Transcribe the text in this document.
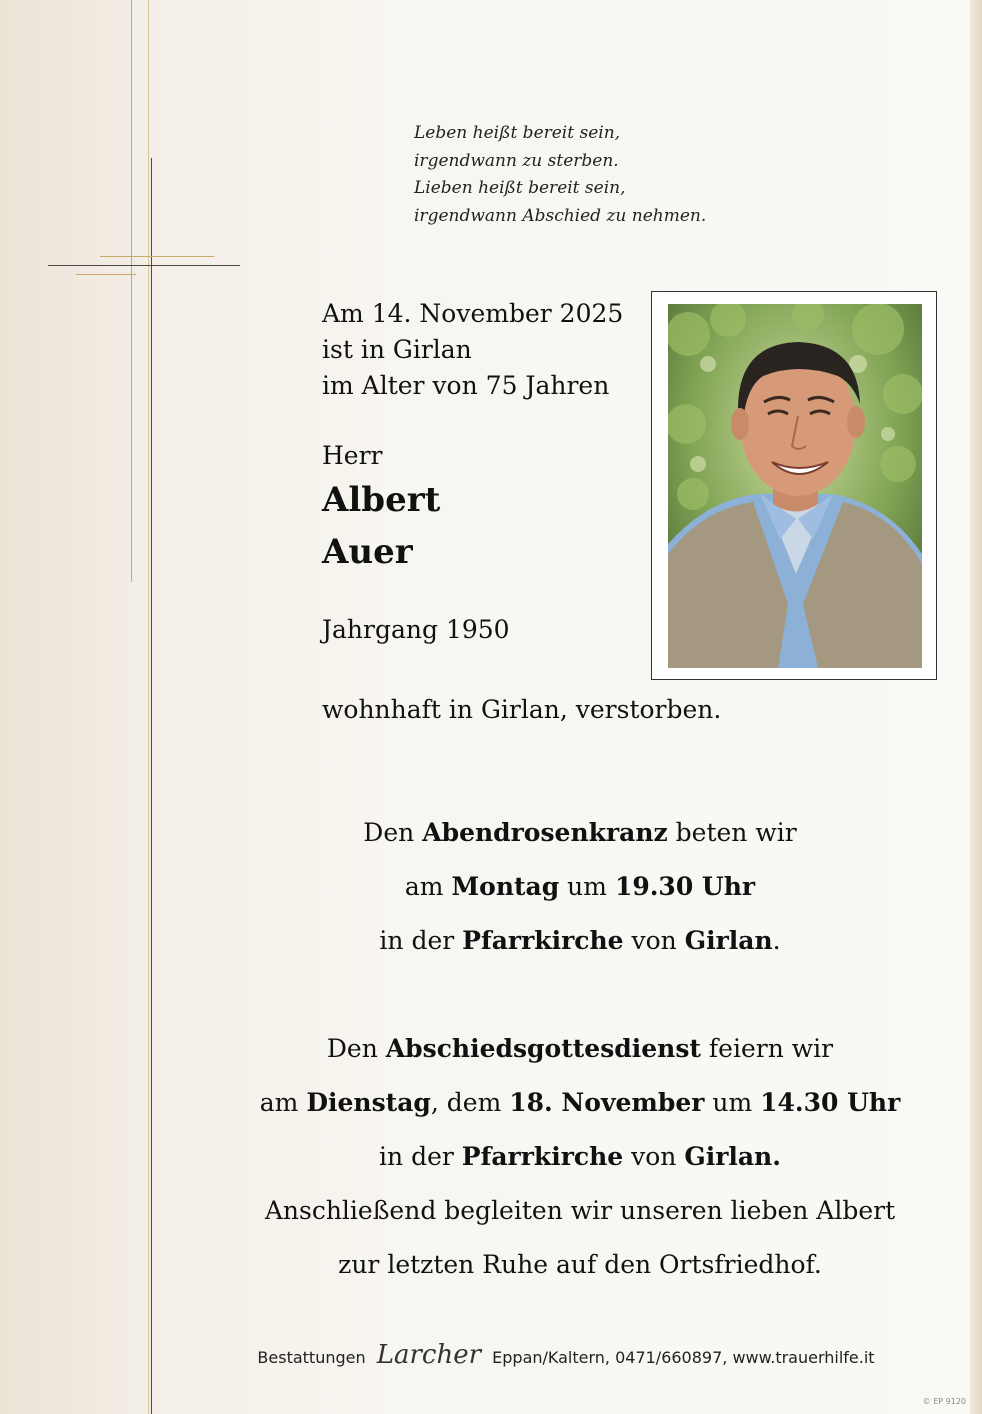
Leben heißt bereit sein,
irgendwann zu sterben.
Lieben heißt bereit sein,
irgendwann Abschied zu nehmen.
Am 14. November 2025
ist in Girlan
im Alter von 75 Jahren
Herr
Albert
Auer
Jahrgang 1950
wohnhaft in Girlan, verstorben.
Den Abendrosenkranz beten wir
am Montag um 19.30 Uhr
in der Pfarrkirche von Girlan.
Den Abschiedsgottesdienst feiern wir
am Dienstag, dem 18. November um 14.30 Uhr
in der Pfarrkirche von Girlan.
Anschließend begleiten wir unseren lieben Albert
zur letzten Ruhe auf den Ortsfriedhof.
Bestattungen Larcher Eppan/Kaltern, 0471/660897, www.trauerhilfe.it
© EP 9120
